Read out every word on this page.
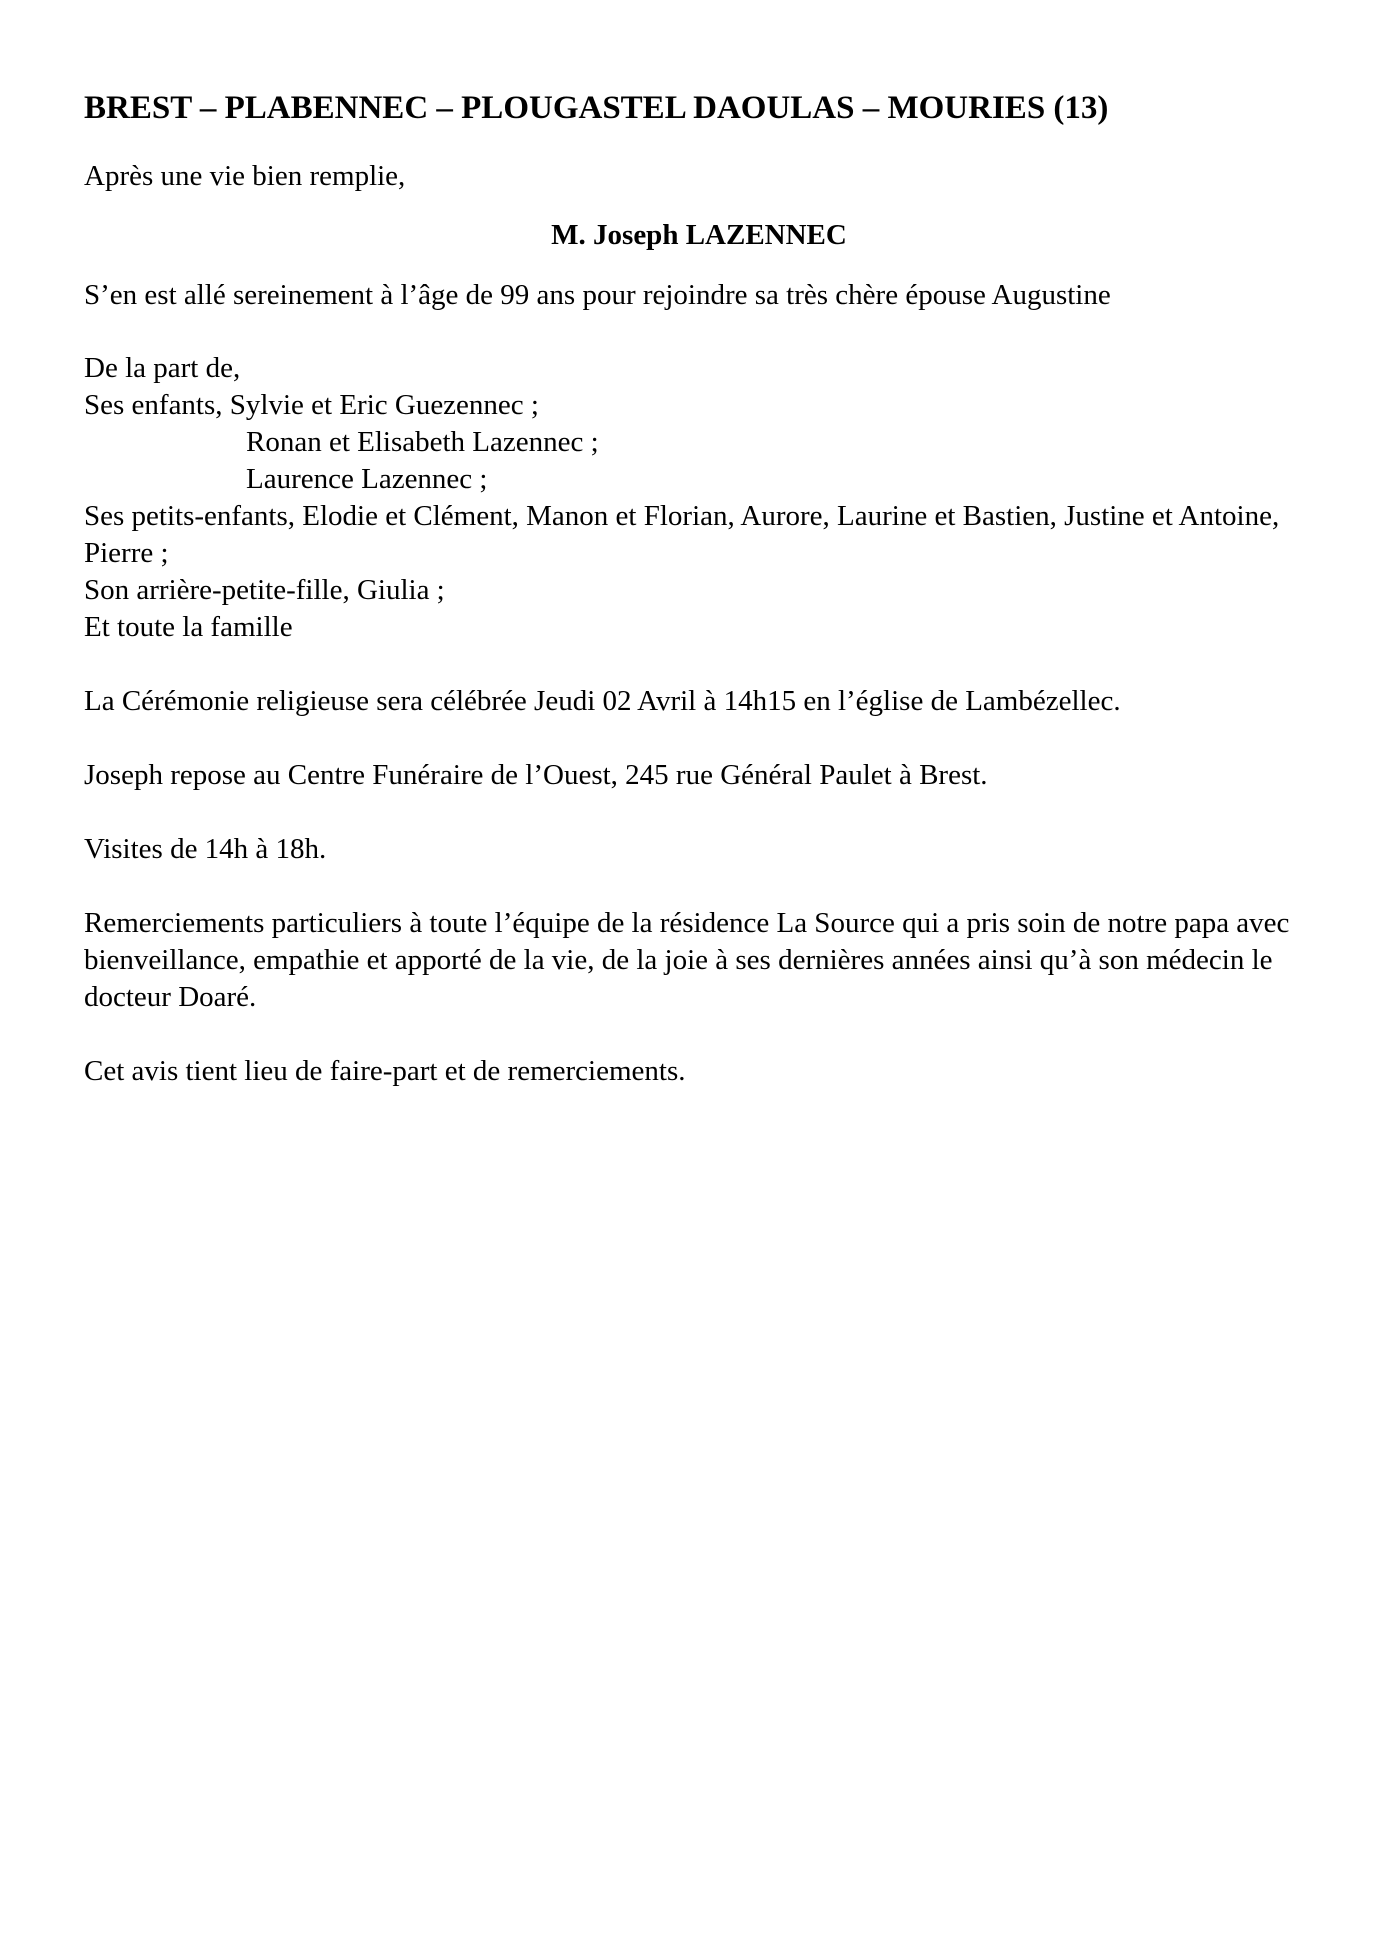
BREST – PLABENNEC – PLOUGASTEL DAOULAS – MOURIES (13)

Après une vie bien remplie,

M. Joseph LAZENNEC

S’en est allé sereinement à l’âge de 99 ans pour rejoindre sa très chère épouse Augustine

De la part de,

Ses enfants, Sylvie et Eric Guezennec ;

Ronan et Elisabeth Lazennec ;

Laurence Lazennec ;

Ses petits-enfants, Elodie et Clément, Manon et Florian, Aurore, Laurine et Bastien, Justine et Antoine, Pierre ;

Son arrière-petite-fille, Giulia ;

Et toute la famille

La Cérémonie religieuse sera célébrée Jeudi 02 Avril à 14h15 en l’église de Lambézellec.

Joseph repose au Centre Funéraire de l’Ouest, 245 rue Général Paulet à Brest.

Visites de 14h à 18h.

Remerciements particuliers à toute l’équipe de la résidence La Source qui a pris soin de notre papa avec bienveillance, empathie et apporté de la vie, de la joie à ses dernières années ainsi qu’à son médecin le docteur Doaré.

Cet avis tient lieu de faire-part et de remerciements.
